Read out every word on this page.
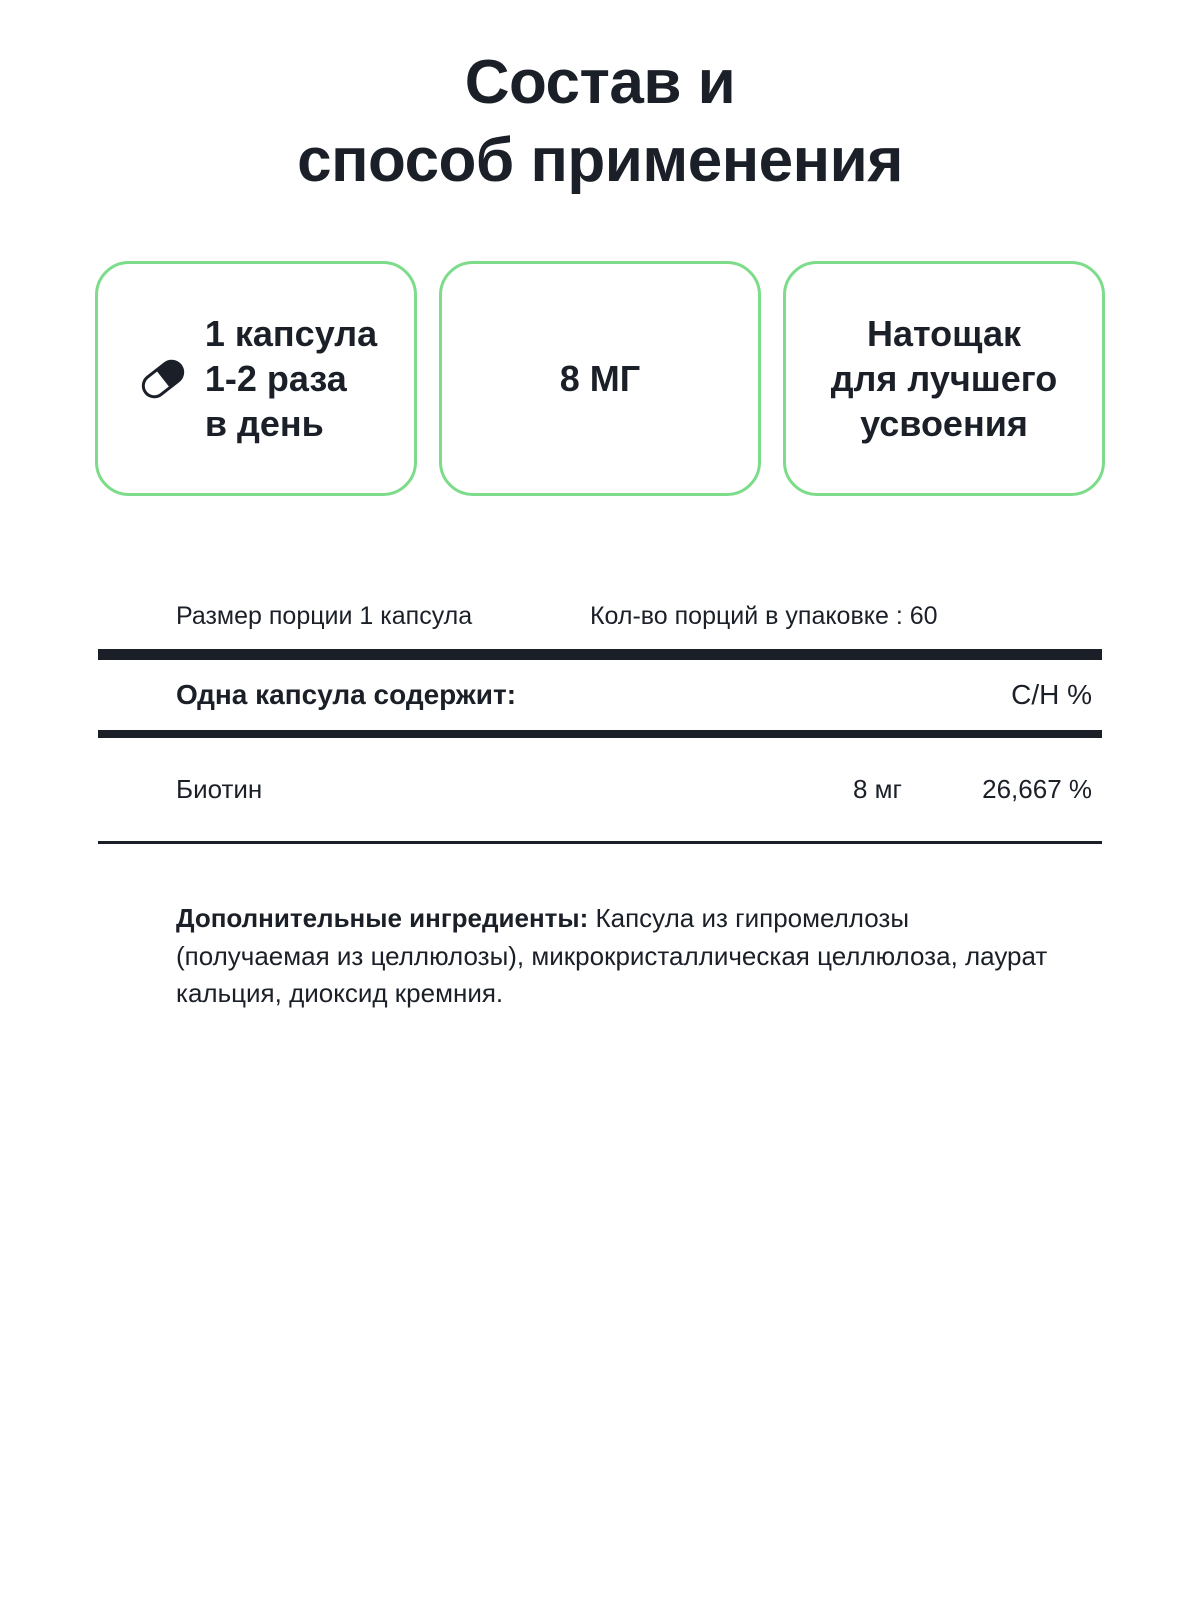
Состав и
способ применения
1 капсула
1-2 раза
в день
8 МГ
Натощак
для лучшего
усвоения
Размер порции 1 капсула	Кол-во порций в упаковке : 60
Одна капсула содержит:	С/Н %
Биотин	8 мг	26,667 %
Дополнительные ингредиенты: Капсула из гипромеллозы (получаемая из целлюлозы), микрокристаллическая целлюлоза, лаурат кальция, диоксид кремния.
